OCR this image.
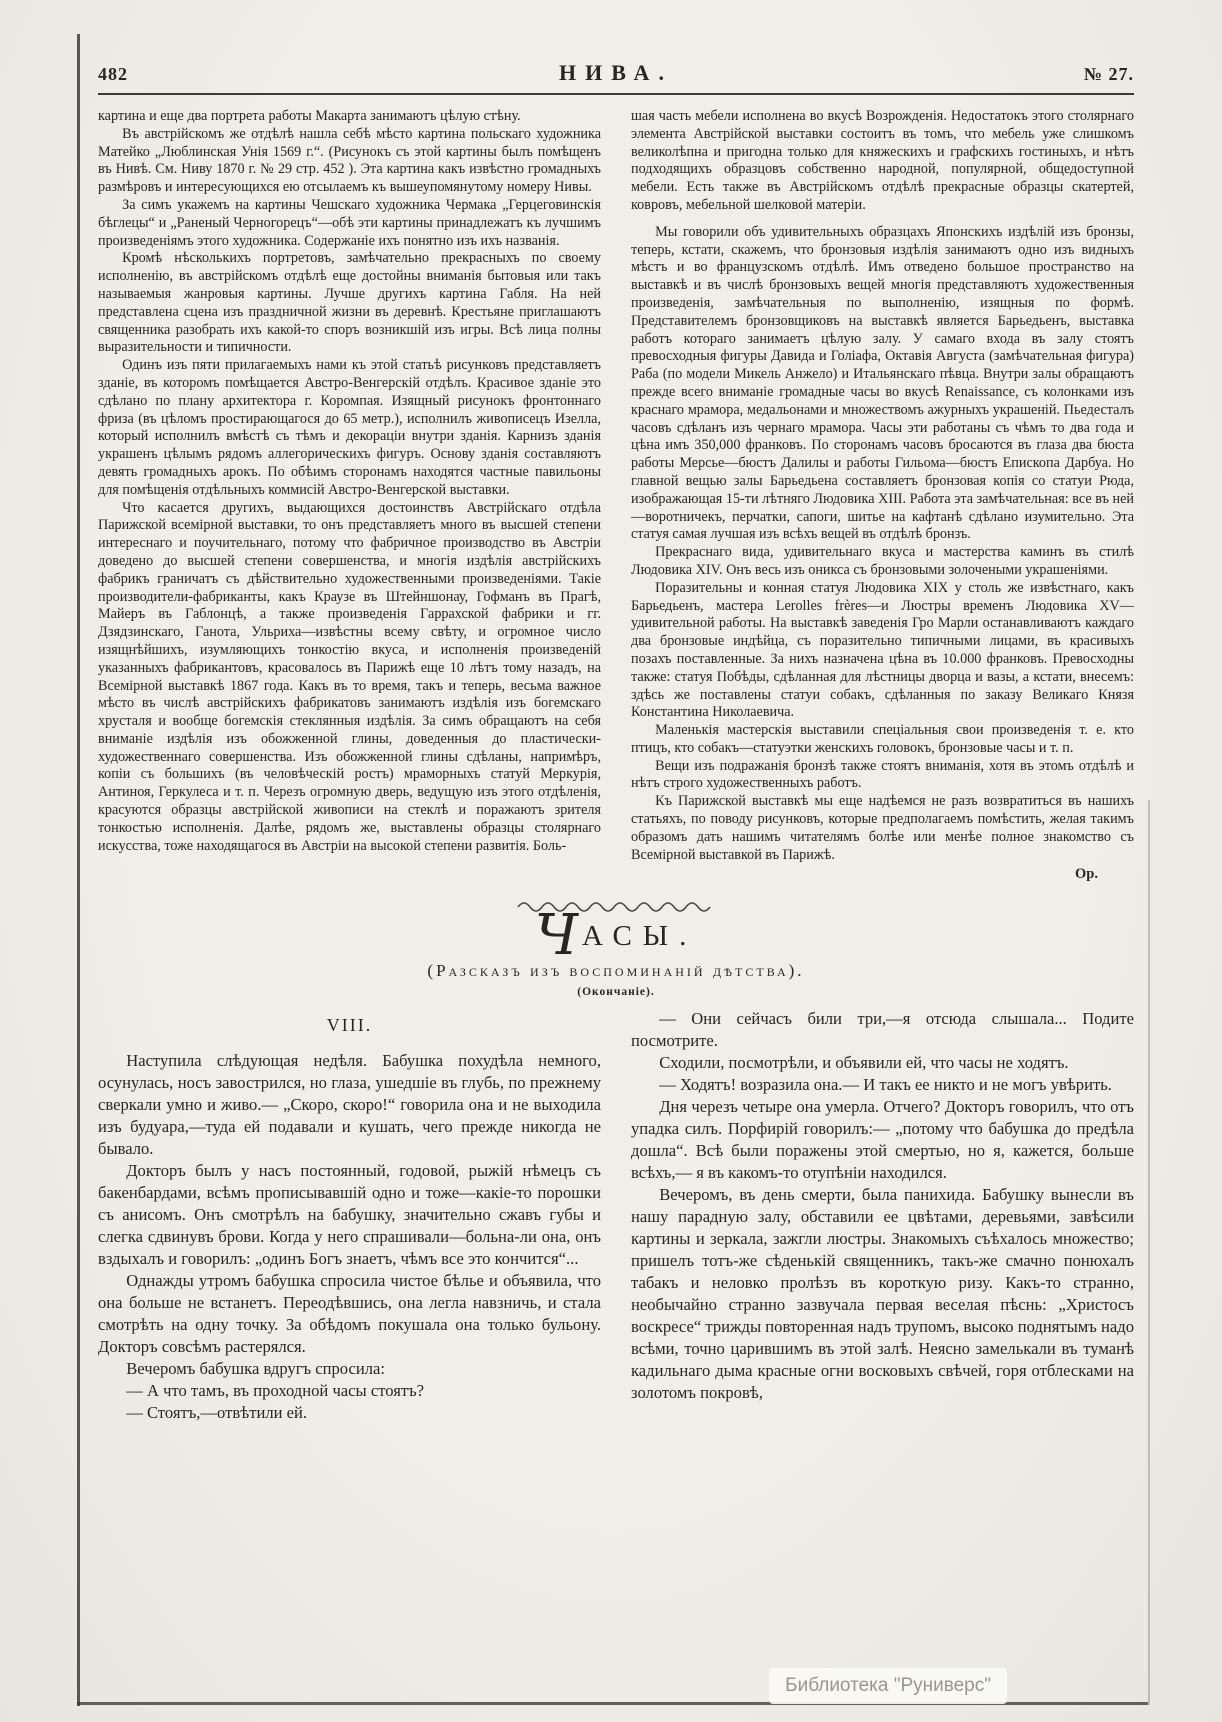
482	НИВА.	№ 27.

картина и еще два портрета работы Макарта занимаютъ цѣлую стѣну.

Въ австрійскомъ же отдѣлѣ нашла себѣ мѣсто картина польскаго художника Матейко „Люблинская Унія 1569 г.“. (Рисунокъ съ этой картины былъ помѣщенъ въ Нивѣ. См. Ниву 1870 г. № 29 стр. 452 ). Эта картина какъ извѣстно громадныхъ размѣровъ и интересующихся ею отсылаемъ къ вышеупомянутому номеру Нивы.

За симъ укажемъ на картины Чешскаго художника Чермака „Герцеговинскія бѣглецы“ и „Раненый Черногорецъ“—обѣ эти картины принадлежатъ къ лучшимъ произведеніямъ этого художника. Содержаніе ихъ понятно изъ ихъ названія.

Кромѣ нѣсколькихъ портретовъ, замѣчательно прекрасныхъ по своему исполненію, въ австрійскомъ отдѣлѣ еще достойны вниманія бытовыя или такъ называемыя жанровыя картины. Лучше другихъ картина Габля. На ней представлена сцена изъ праздничной жизни въ деревнѣ. Крестьяне приглашаютъ священника разобрать ихъ какой-то споръ возникшій изъ игры. Всѣ лица полны выразительности и типичности.

Одинъ изъ пяти прилагаемыхъ нами къ этой статьѣ рисунковъ представляетъ зданіе, въ которомъ помѣщается Австро-Венгерскій отдѣлъ. Красивое зданіе это сдѣлано по плану архитектора г. Коромпая. Изящный рисунокъ фронтоннаго фриза (въ цѣломъ простирающагося до 65 метр.), исполнилъ живописецъ Изелла, который исполнилъ вмѣстѣ съ тѣмъ и декораціи внутри зданія. Карнизъ зданія украшенъ цѣлымъ рядомъ аллегорическихъ фигуръ. Основу зданія составляютъ девять громадныхъ арокъ. По обѣимъ сторонамъ находятся частные павильоны для помѣщенія отдѣльныхъ коммисій Австро-Венгерской выставки.

Что касается другихъ, выдающихся достоинствъ Австрійскаго отдѣла Парижской всемірной выставки, то онъ представляетъ много въ высшей степени интереснаго и поучительнаго, потому что фабричное производство въ Австріи доведено до высшей степени совершенства, и многія издѣлія австрійскихъ фабрикъ граничатъ съ дѣйствительно художественными произведеніями. Такіе производители-фабриканты, какъ Краузе въ Штейншонау, Гофманъ въ Прагѣ, Майеръ въ Габлонцѣ, а также произведенія Гаррахской фабрики и гг. Дзядзинскаго, Ганота, Ульриха—извѣстны всему свѣту, и огромное число изящнѣйшихъ, изумляющихъ тонкостію вкуса, и исполненія произведеній указанныхъ фабрикантовъ, красовалось въ Парижѣ еще 10 лѣтъ тому назадъ, на Всемірной выставкѣ 1867 года. Какъ въ то время, такъ и теперь, весьма важное мѣсто въ числѣ австрійскихъ фабрикатовъ занимаютъ издѣлія изъ богемскаго хрусталя и вообще богемскія стеклянныя издѣлія. За симъ обращаютъ на себя вниманіе издѣлія изъ обожженной глины, доведенныя до пластически-художественнаго совершенства. Изъ обожженной глины сдѣланы, напримѣръ, копіи съ большихъ (въ человѣческій ростъ) мраморныхъ статуй Меркурія, Антиноя, Геркулеса и т. п. Черезъ огромную дверь, ведущую изъ этого отдѣленія, красуются образцы австрійской живописи на стеклѣ и поражаютъ зрителя тонкостью исполненія. Далѣе, рядомъ же, выставлены образцы столярнаго искусства, тоже находящагося въ Австріи на высокой степени развитія. Боль-

шая часть мебели исполнена во вкусѣ Возрожденія. Недостатокъ этого столярнаго элемента Австрійской выставки состоитъ въ томъ, что мебель уже слишкомъ великолѣпна и пригодна только для княжескихъ и графскихъ гостиныхъ, и нѣтъ подходящихъ образцовъ собственно народной, популярной, общедоступной мебели. Есть также въ Австрійскомъ отдѣлѣ прекрасные образцы скатертей, ковровъ, мебельной шелковой матеріи.

Мы говорили объ удивительныхъ образцахъ Японскихъ издѣлій изъ бронзы, теперь, кстати, скажемъ, что бронзовыя издѣлія занимаютъ одно изъ видныхъ мѣстъ и во французскомъ отдѣлѣ. Имъ отведено большое пространство на выставкѣ и въ числѣ бронзовыхъ вещей многія представляютъ художественныя произведенія, замѣчательныя по выполненію, изящныя по формѣ. Представителемъ бронзовщиковъ на выставкѣ является Барьедьенъ, выставка работъ котораго занимаетъ цѣлую залу. У самаго входа въ залу стоятъ превосходныя фигуры Давида и Голіафа, Октавія Августа (замѣчательная фигура) Раба (по модели Микель Анжело) и Итальянскаго пѣвца. Внутри залы обращаютъ прежде всего вниманіе громадные часы во вкусѣ Renaissance, съ колонками изъ краснаго мрамора, медальонами и множествомъ ажурныхъ украшеній. Пьедесталъ часовъ сдѣланъ изъ чернаго мрамора. Часы эти работаны съ чѣмъ то два года и цѣна имъ 350,000 франковъ. По сторонамъ часовъ бросаются въ глаза два бюста работы Мерсье—бюстъ Далилы и работы Гильома—бюстъ Епископа Дарбуа. Но главной вещью залы Барьедьена составляетъ бронзовая копія со статуи Рюда, изображающая 15-ти лѣтняго Людовика XIII. Работа эта замѣчательная: все въ ней—воротничекъ, перчатки, сапоги, шитье на кафтанѣ сдѣлано изумительно. Эта статуя самая лучшая изъ всѣхъ вещей въ отдѣлѣ бронзъ.

Прекраснаго вида, удивительнаго вкуса и мастерства каминъ въ стилѣ Людовика XIV. Онъ весь изъ оникса съ бронзовыми золочеными украшеніями.

Поразительны и конная статуя Людовика XIX у столь же извѣстнаго, какъ Барьедьенъ, мастера Lerolles frères—и Люстры временъ Людовика XV—удивительной работы. На выставкѣ заведенія Гро Марли останавливаютъ каждаго два бронзовые индѣйца, съ поразительно типичными лицами, въ красивыхъ позахъ поставленные. За нихъ назначена цѣна въ 10.000 франковъ. Превосходны также: статуя Побѣды, сдѣланная для лѣстницы дворца и вазы, а кстати, внесемъ: здѣсь же поставлены статуи собакъ, сдѣланныя по заказу Великаго Князя Константина Николаевича.

Маленькія мастерскія выставили спеціальныя свои произведенія т. е. кто птицъ, кто собакъ—статуэтки женскихъ головокъ, бронзовые часы и т. п.

Вещи изъ подражанія бронзѣ также стоятъ вниманія, хотя въ этомъ отдѣлѣ и нѣтъ строго художественныхъ работъ.

Къ Парижской выставкѣ мы еще надѣемся не разъ возвратиться въ нашихъ статьяхъ, по поводу рисунковъ, которые предполагаемъ помѣстить, желая такимъ образомъ дать нашимъ читателямъ болѣе или менѣе полное знакомство съ Всемірной выставкой въ Парижѣ.

Ор.

ЧАСЫ.
(Разсказъ изъ воспоминаній дѣтства).
(Окончаніе).
VIII.

Наступила слѣдующая недѣля. Бабушка похудѣла немного, осунулась, носъ завострился, но глаза, ушедшіе въ глубь, по прежнему сверкали умно и живо.— „Скоро, скоро!“ говорила она и не выходила изъ будуара,—туда ей подавали и кушать, чего прежде никогда не бывало.

Докторъ былъ у насъ постоянный, годовой, рыжій нѣмецъ съ бакенбардами, всѣмъ прописывавшій одно и тоже—какіе-то порошки съ анисомъ. Онъ смотрѣлъ на бабушку, значительно сжавъ губы и слегка сдвинувъ брови. Когда у него спрашивали—больна-ли она, онъ вздыхалъ и говорилъ: „одинъ Богъ знаетъ, чѣмъ все это кончится“...

Однажды утромъ бабушка спросила чистое бѣлье и объявила, что она больше не встанетъ. Переодѣвшись, она легла навзничь, и стала смотрѣть на одну точку. За обѣдомъ покушала она только бульону. Докторъ совсѣмъ растерялся.

Вечеромъ бабушка вдругъ спросила:

— А что тамъ, въ проходной часы стоятъ?

— Стоятъ,—отвѣтили ей.

— Они сейчасъ били три,—я отсюда слышала... Подите посмотрите.

Сходили, посмотрѣли, и объявили ей, что часы не ходятъ.

— Ходятъ! возразила она.— И такъ ее никто и не могъ увѣрить.

Дня черезъ четыре она умерла. Отчего? Докторъ говорилъ, что отъ упадка силъ. Порфирій говорилъ:— „потому что бабушка до предѣла дошла“. Всѣ были поражены этой смертью, но я, кажется, больше всѣхъ,— я въ какомъ-то отупѣніи находился.

Вечеромъ, въ день смерти, была панихида. Бабушку вынесли въ нашу парадную залу, обставили ее цвѣтами, деревьями, завѣсили картины и зеркала, зажгли люстры. Знакомыхъ съѣхалось множество; пришелъ тотъ-же сѣденькій священникъ, такъ-же смачно понюхалъ табакъ и неловко пролѣзъ въ короткую ризу. Какъ-то странно, необычайно странно зазвучала первая веселая пѣснь: „Христосъ воскресе“ трижды повторенная надъ трупомъ, высоко поднятымъ надо всѣми, точно царившимъ въ этой залѣ. Неясно замелькали въ туманѣ кадильнаго дыма красные огни восковыхъ свѣчей, горя отблесками на золотомъ покровѣ,

Библиотека "Руниверс"
